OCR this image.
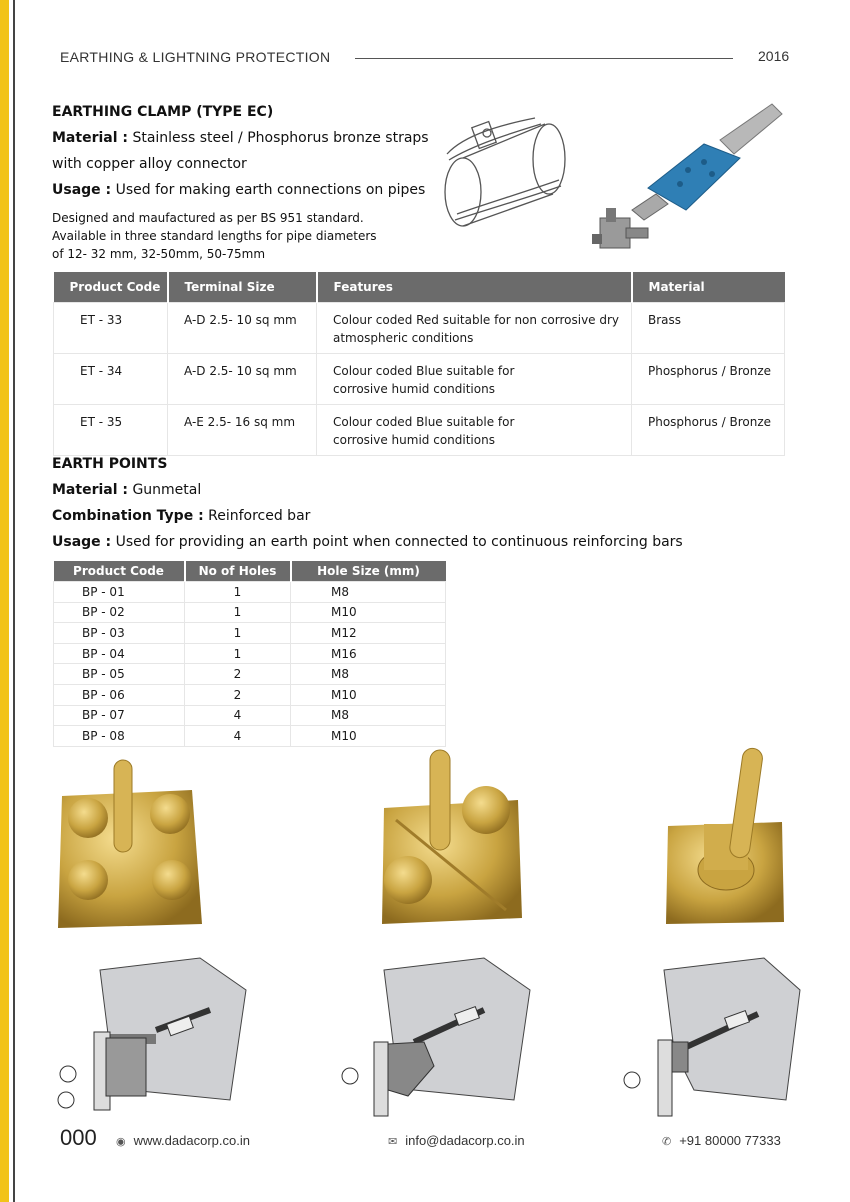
EARTHING & LIGHTNING PROTECTION	2016
EARTHING CLAMP (TYPE EC)
Material : Stainless steel / Phosphorus bronze straps
with copper alloy connector
Usage : Used for making earth connections on pipes
Designed and maufactured as per BS 951 standard.
Available in three standard lengths for pipe diameters
of 12- 32 mm, 32-50mm, 50-75mm
Product Code	Terminal Size	Features	Material
ET - 33	A-D 2.5- 10 sq mm	Colour coded Red suitable for non corrosive dry
atmospheric conditions	Brass
ET - 34	A-D 2.5- 10 sq mm	Colour coded Blue suitable for
corrosive humid conditions	Phosphorus / Bronze
ET - 35	A-E 2.5- 16 sq mm	Colour coded Blue suitable for
corrosive humid conditions	Phosphorus / Bronze
EARTH POINTS
Material : Gunmetal
Combination Type : Reinforced bar
Usage : Used for providing an earth point when connected to continuous reinforcing bars
Product Code	No of Holes	Hole Size (mm)
BP - 01	1	M8
BP - 02	1	M10
BP - 03	1	M12
BP - 04	1	M16
BP - 05	2	M8
BP - 06	2	M10
BP - 07	4	M8
BP - 08	4	M10
000 ◉ www.dadacorp.co.in	✉ info@dadacorp.co.in	✆ +91 80000 77333
